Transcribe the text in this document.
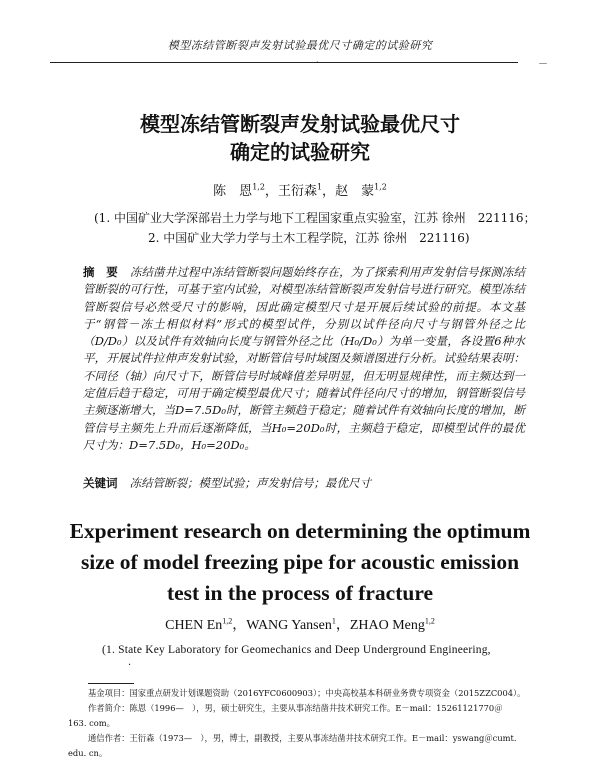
模型冻结管断裂声发射试验最优尺寸确定的试验研究
·	－
模型冻结管断裂声发射试验最优尺寸
确定的试验研究
陈　恩$^{1,2}$，王衍森$^1$，赵　蒙$^{1,2}$
(1. 中国矿业大学深部岩土力学与地下工程国家重点实验室，江苏 徐州　221116；
2. 中国矿业大学力学与土木工程学院，江苏 徐州　221116)
摘　要 冻结凿井过程中冻结管断裂问题始终存在，为了探索利用声发射信号探测冻结管断裂的可行性，可基于室内试验，对模型冻结管断裂声发射信号进行研究。模型冻结管断裂信号必然受尺寸的影响，因此确定模型尺寸是开展后续试验的前提。本文基于“钢管－冻土相似材料”形式的模型试件，分别以试件径向尺寸与钢管外径之比（D/D₀）以及试件有效轴向长度与钢管外径之比（H₀/D₀）为单一变量，各设置6种水平，开展试件拉伸声发射试验，对断管信号时域图及频谱图进行分析。试验结果表明：不同径（轴）向尺寸下，断管信号时域峰值差异明显，但无明显规律性，而主频达到一定值后趋于稳定，可用于确定模型最优尺寸；随着试件径向尺寸的增加，钢管断裂信号主频逐渐增大，当D=7.5D₀时，断管主频趋于稳定；随着试件有效轴向长度的增加，断管信号主频先上升而后逐渐降低，当H₀=20D₀时，主频趋于稳定，即模型试件的最优尺寸为：D=7.5D₀，H₀=20D₀。
关键词 冻结管断裂；模型试验；声发射信号；最优尺寸
Experiment research on determining the optimum
size of model freezing pipe for acoustic emission
test in the process of fracture
CHEN En$^{1,2}$，WANG Yansen$^1$，ZHAO Meng$^{1,2}$
(1. State Key Laboratory for Geomechanics and Deep Underground Engineering,
·
基金项目：国家重点研发计划课题资助（2016YFC0600903）；中央高校基本科研业务费专项资金（2015ZZC004）。
作者简介：陈恩（1996—　），男，硕士研究生，主要从事冻结凿井技术研究工作。E－mail：15261121770＠
163. com。
通信作者：王衍森（1973—　），男，博士，副教授，主要从事冻结凿井技术研究工作。E－mail：yswang＠cumt.
edu. cn。
